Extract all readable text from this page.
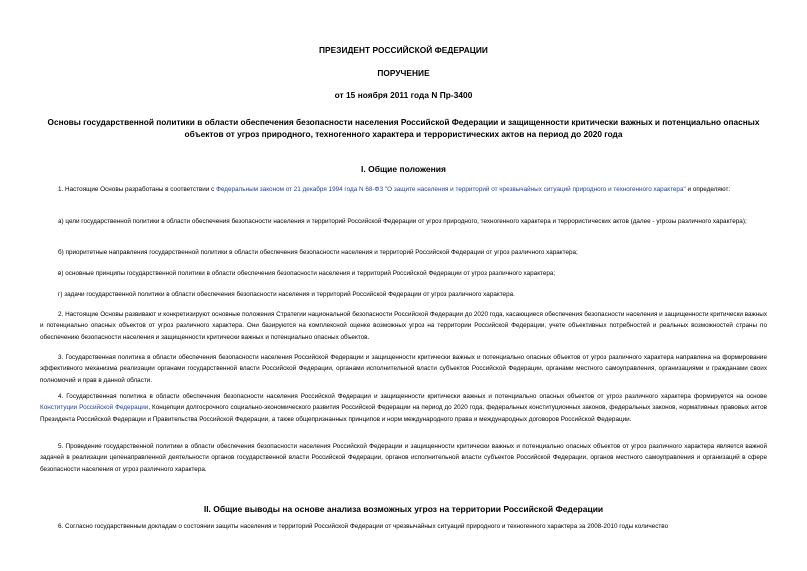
ПРЕЗИДЕНТ РОССИЙСКОЙ ФЕДЕРАЦИИ
ПОРУЧЕНИЕ
от 15 ноября 2011 года N Пр-3400
Основы государственной политики в области обеспечения безопасности населения Российской Федерации и защищенности критически важных и потенциально опасных объектов от угроз природного, техногенного характера и террористических актов на период до 2020 года
I. Общие положения
1. Настоящие Основы разработаны в соответствии с Федеральным законом от 21 декабря 1994 года N 68-ФЗ "О защите населения и территорий от чрезвычайных ситуаций природного и техногенного характера" и определяют:
а) цели государственной политики в области обеспечения безопасности населения и территорий Российской Федерации от угроз природного, техногенного характера и террористических актов (далее - угрозы различного характера);
б) приоритетные направления государственной политики в области обеспечения безопасности населения и территорий Российской Федерации от угроз различного характера;
в) основные принципы государственной политики в области обеспечения безопасности населения и территорий Российской Федерации от угроз различного характера;
г) задачи государственной политики в области обеспечения безопасности населения и территорий Российской Федерации от угроз различного характера.
2. Настоящие Основы развивают и конкретизируют основные положения Стратегии национальной безопасности Российской Федерации до 2020 года, касающиеся обеспечения безопасности населения и защищенности критически важных и потенциально опасных объектов от угроз различного характера. Они базируются на комплексной оценке возможных угроз на территории Российской Федерации, учете объективных потребностей и реальных возможностей страны по обеспечению безопасности населения и защищенности критически важных и потенциально опасных объектов.
3. Государственная политика в области обеспечения безопасности населения Российской Федерации и защищенности критически важных и потенциально опасных объектов от угроз различного характера направлена на формирование эффективного механизма реализации органами государственной власти Российской Федерации, органами исполнительной власти субъектов Российской Федерации, органами местного самоуправления, организациями и гражданами своих полномочий и прав в данной области.
4. Государственная политика в области обеспечения безопасности населения Российской Федерации и защищенности критически важных и потенциально опасных объектов от угроз различного характера формируется на основе Конституции Российской Федерации, Концепции долгосрочного социально-экономического развития Российской Федерации на период до 2020 года, федеральных конституционных законов, федеральных законов, нормативных правовых актов Президента Российской Федерации и Правительства Российской Федерации, а также общепризнанных принципов и норм международного права и международных договоров Российской Федерации.
5. Проведение государственной политики в области обеспечения безопасности населения Российской Федерации и защищенности критически важных и потенциально опасных объектов от угроз различного характера является важной задачей в реализации целенаправленной деятельности органов государственной власти Российской Федерации, органов исполнительной власти субъектов Российской Федерации, органов местного самоуправления и организаций в сфере безопасности населения от угроз различного характера.
II. Общие выводы на основе анализа возможных угроз на территории Российской Федерации
6. Согласно государственным докладам о состоянии защиты населения и территорий Российской Федерации от чрезвычайных ситуаций природного и техногенного характера за 2008-2010 годы количество
